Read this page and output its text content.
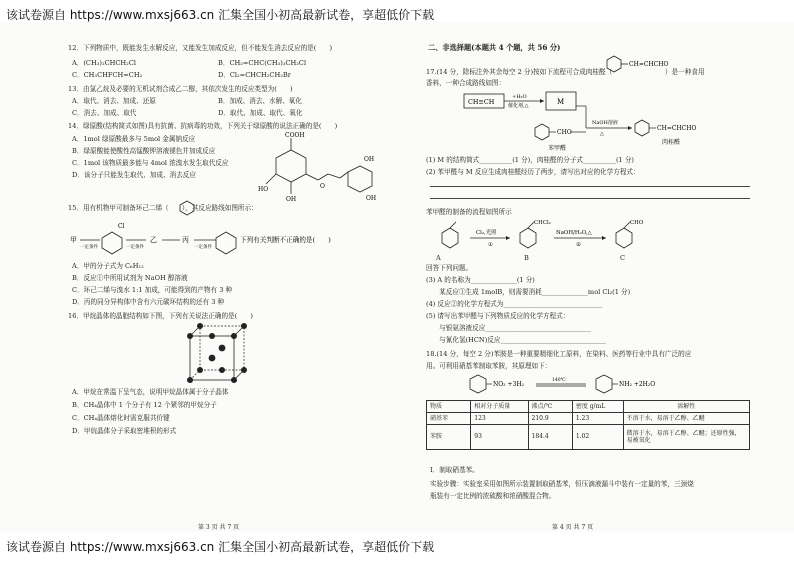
该试卷源自 https://www.mxsj663.cn 汇集全国小初高最新试卷，享超低价下载
12．下列物质中，既能发生水解反应，又能发生加成反应，但不能发生消去反应的是(　　)
A．(CH₃)₂CHCH₂Cl	B．CH₂=CHC(CH₃)₂CH₂Cl
C．CH₃CHFCH=CH₂	D．Cl₂=CHCH₂CH₂Br
13．由氯乙烷及必要的无机试剂合成乙二醇，其依次发生的反应类型为(　　)
A．取代、消去、加成、还原	B．加成、消去、水解、氧化
C．消去、加成、取代	D．取代、加成、取代、氧化
14．绿原酸(结构简式如图)具有抗菌、抗病毒的功效，下列关于绿原酸的说法正确的是(　　)
A．1mol 绿原酸最多与 5mol 金属钠反应
B．绿原酸能使酸性高锰酸钾溶液褪色并加成反应
C．1mol 该物质最多能与 4mol 浓溴水发生取代反应
D．该分子只能发生取代、加成、消去反应
COOH
HO
OH
O
OH
OH
15．用有机物甲可制备环己二烯（　　），其反应路线如图所示：
甲
一定条件
Cl
一定条件
乙	丙
一定条件
下列有关判断不正确的是(　　)
A．甲的分子式为 C₆H₁₂
B．反应①中所用试剂为 NaOH 醇溶液
C．环己二烯与溴水 1:1 加成，可能得到的产物有 3 种
D．丙的同分异构体中含有六元碳环结构的还有 3 种
16．甲烷晶体的晶胞结构如下图，下列有关说法正确的是(　　)
A．甲烷在常温下呈气态，说明甲烷晶体属于分子晶体
B．CH₄晶体中 1 个分子有 12 个紧邻的甲烷分子
C．CH₄晶体熔化时需克服共价键
D．甲烷晶体分子采取密堆积的形式
第 3 页 共 7 页
二、非选择题(本题共 4 个题，共 56 分)
17.(14 分，除标注外其余每空 2 分)按如下流程可合成肉桂醛（　　　　　　　　）是一种食用
香料，一种合成路线如图：
CH=CHCHO
CH≡CH
+H₂O
催化剂,△	M
NaOH溶液
△
CH=CHCHO
肉桂醛
CHO
苯甲醛
(1) M 的结构简式__________(1 分)，肉桂醛的分子式__________(1 分)
(2) 苯甲醛与 M 反应生成肉桂醛经历了两步，请写出对应的化学方程式：
苯甲醛的制备的流程如图所示
Cl₂,光照
①
CHCl₂
NaOH/H₂O,△
②
CHO
A	B	C
回答下列问题。
(3) A 的名称为______________(1 分)
　　某反应①生成 1molB，则需要消耗______________mol Cl₂(1 分)
(4) 反应②的化学方程式为______________________________
(5) 请写出苯甲醛与下列物质反应的化学方程式：
　　与银氨溶液反应________________________________
　　与氰化氢(HCN)反应________________________________
18.(14 分，每空 2 分)苯胺是一种重要精细化工原料，在染料、医药等行业中具有广泛的应
用。可利用硝基苯制取苯胺，其原理如下：
NO₂ +3H₂
140℃
NH₂ +2H₂O
物质	相对分子质量	沸点/℃	密度 g/mL	溶解性
硝基苯	123	210.9	1.23	不溶于水，易溶于乙醇、乙醚
苯胺	93	184.4	1.02	微溶于水，易溶于乙醇、乙醚；还原性强，易被氧化
Ⅰ．制取硝基苯。
实验步骤：实验室采用如图所示装置制取硝基苯，恒压滴液漏斗中装有一定量的苯，三颈烧
瓶装有一定比例的浓硫酸和浓硝酸混合物。
第 4 页 共 7 页
该试卷源自 https://www.mxsj663.cn 汇集全国小初高最新试卷，享超低价下载
